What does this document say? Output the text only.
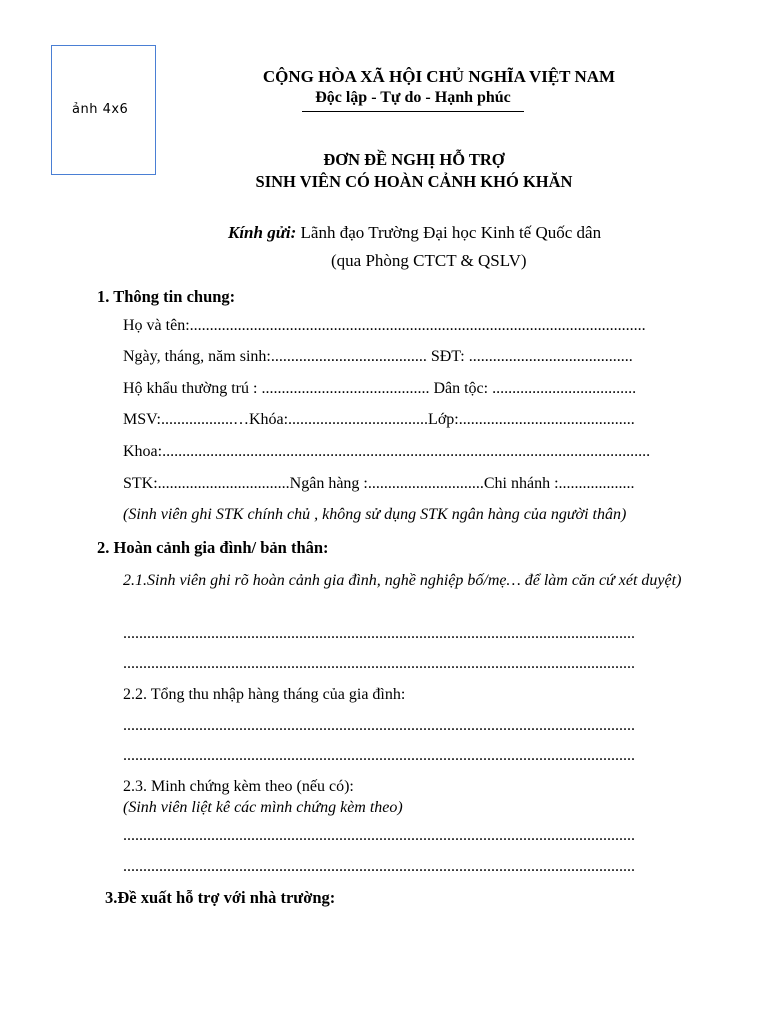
ảnh 4x6
CỘNG HÒA XÃ HỘI CHỦ NGHĨA VIỆT NAM
Độc lập - Tự do - Hạnh phúc
ĐƠN ĐỀ NGHỊ HỖ TRỢ
SINH VIÊN CÓ HOÀN CẢNH KHÓ KHĂN
Kính gửi: Lãnh đạo Trường Đại học Kinh tế Quốc dân
(qua Phòng CTCT & QSLV)
1. Thông tin chung:
Họ và tên:..................................................................................................................
Ngày, tháng, năm sinh:....................................... SĐT: .........................................
Hộ khẩu thường trú : .......................................... Dân tộc: ....................................
MSV:..................…Khóa:...................................Lớp:............................................
Khoa:..........................................................................................................................
STK:.................................Ngân hàng :.............................Chi nhánh :...................
(Sinh viên ghi STK chính chủ , không sử dụng STK ngân hàng của người thân)
2. Hoàn cảnh gia đình/ bản thân:
2.1.Sinh viên ghi rõ hoàn cảnh gia đình, nghề nghiệp bố/mẹ… để làm căn cứ xét duyệt)
................................................................................................................................
................................................................................................................................
2.2. Tổng thu nhập hàng tháng của gia đình:
................................................................................................................................
................................................................................................................................
2.3. Minh chứng kèm theo (nếu có):
(Sinh viên liệt kê các mình chứng kèm theo)
................................................................................................................................
................................................................................................................................
3.Đề xuất hỗ trợ với nhà trường:
